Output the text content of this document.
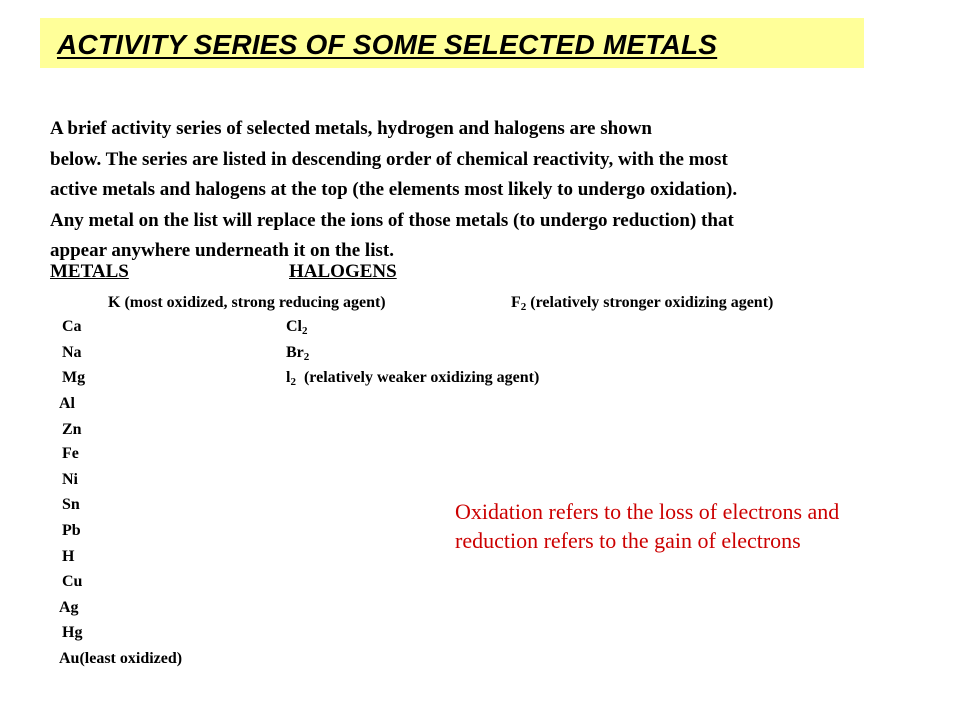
ACTIVITY SERIES OF SOME SELECTED METALS
A brief activity series of selected metals, hydrogen and halogens are shown
below. The series are listed in descending order of chemical reactivity, with the most
active metals and halogens at the top (the elements most likely to undergo oxidation).
Any metal on the list will replace the ions of those metals (to undergo reduction) that
appear anywhere underneath it on the list.
METALS	HALOGENS
K (most oxidized, strong reducing agent)
Ca
Na
Mg
Al
Zn
Fe
Ni
Sn
Pb
H
Cu
Ag
Hg
Au(least oxidized)
$F_2$ (relatively stronger oxidizing agent)
$Cl_2$
$Br_2$
$l_2$  (relatively weaker oxidizing agent)
Oxidation refers to the loss of electrons and reduction refers to the gain of electrons
